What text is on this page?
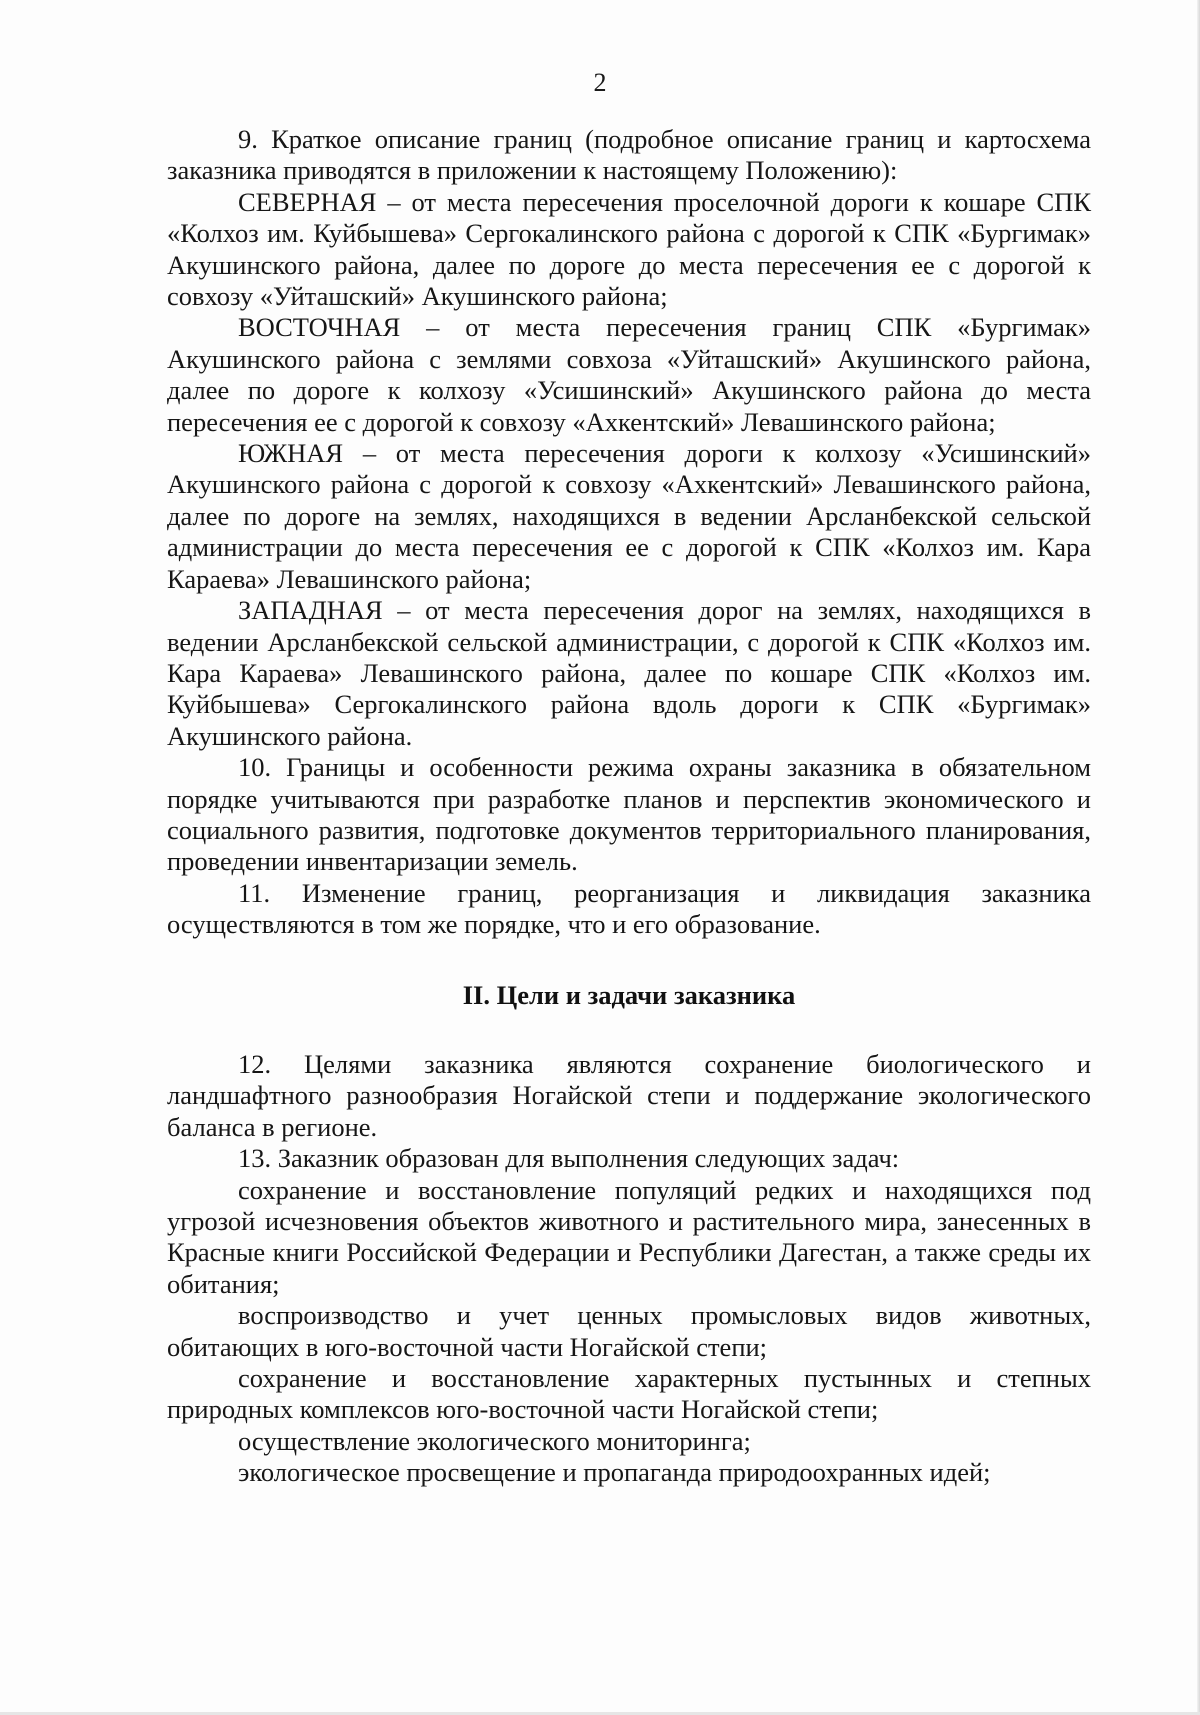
2

9. Краткое описание границ (подробное описание границ и картосхема заказника приводятся в приложении к настоящему Положению):

СЕВЕРНАЯ – от места пересечения проселочной дороги к кошаре СПК «Колхоз им. Куйбышева» Сергокалинского района с дорогой к СПК «Бургимак» Акушинского района, далее по дороге до места пересечения ее с дорогой к совхозу «Уйташский» Акушинского района;

ВОСТОЧНАЯ – от места пересечения границ СПК «Бургимак» Акушинского района с землями совхоза «Уйташский» Акушинского района, далее по дороге к колхозу «Усишинский» Акушинского района до места пересечения ее с дорогой к совхозу «Ахкентский» Левашинского района;

ЮЖНАЯ – от места пересечения дороги к колхозу «Усишинский» Акушинского района с дорогой к совхозу «Ахкентский» Левашинского района, далее по дороге на землях, находящихся в ведении Арсланбекской сельской администрации до места пересечения ее с дорогой к СПК «Колхоз им. Кара Караева» Левашинского района;

ЗАПАДНАЯ – от места пересечения дорог на землях, находящихся в ведении Арсланбекской сельской администрации, с дорогой к СПК «Колхоз им. Кара Караева» Левашинского района, далее по кошаре СПК «Колхоз им. Куйбышева» Сергокалинского района вдоль дороги к СПК «Бургимак» Акушинского района.

10. Границы и особенности режима охраны заказника в обязательном порядке учитываются при разработке планов и перспектив экономического и социального развития, подготовке документов территориального планирования, проведении инвентаризации земель.

11. Изменение границ, реорганизация и ликвидация заказника осуществляются в том же порядке, что и его образование.

II. Цели и задачи заказника

12. Целями заказника являются сохранение биологического и ландшафтного разнообразия Ногайской степи и поддержание экологического баланса в регионе.

13. Заказник образован для выполнения следующих задач:

сохранение и восстановление популяций редких и находящихся под угрозой исчезновения объектов животного и растительного мира, занесенных в Красные книги Российской Федерации и Республики Дагестан, а также среды их обитания;

воспроизводство и учет ценных промысловых видов животных, обитающих в юго-восточной части Ногайской степи;

сохранение и восстановление характерных пустынных и степных природных комплексов юго-восточной части Ногайской степи;

осуществление экологического мониторинга;

экологическое просвещение и пропаганда природоохранных идей;
